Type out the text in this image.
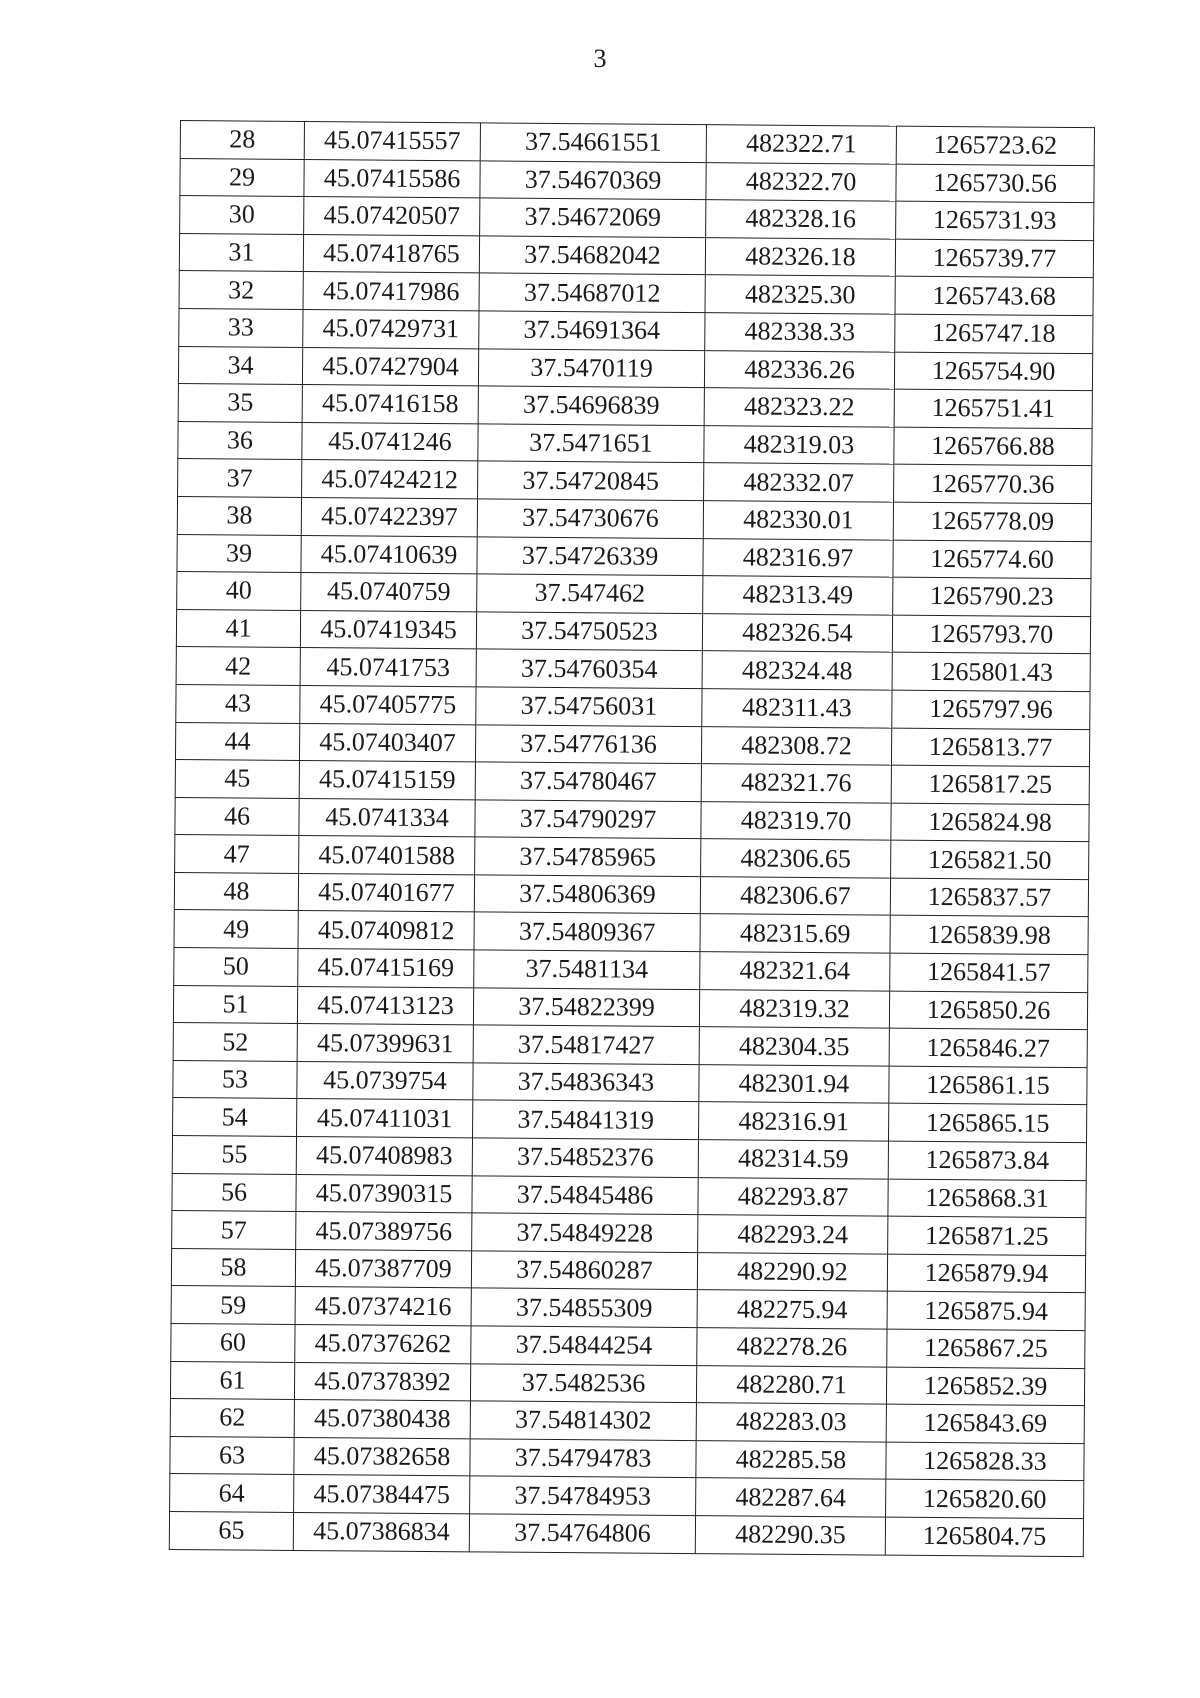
3
28	45.07415557	37.54661551	482322.71	1265723.62
29	45.07415586	37.54670369	482322.70	1265730.56
30	45.07420507	37.54672069	482328.16	1265731.93
31	45.07418765	37.54682042	482326.18	1265739.77
32	45.07417986	37.54687012	482325.30	1265743.68
33	45.07429731	37.54691364	482338.33	1265747.18
34	45.07427904	37.5470119	482336.26	1265754.90
35	45.07416158	37.54696839	482323.22	1265751.41
36	45.0741246	37.5471651	482319.03	1265766.88
37	45.07424212	37.54720845	482332.07	1265770.36
38	45.07422397	37.54730676	482330.01	1265778.09
39	45.07410639	37.54726339	482316.97	1265774.60
40	45.0740759	37.547462	482313.49	1265790.23
41	45.07419345	37.54750523	482326.54	1265793.70
42	45.0741753	37.54760354	482324.48	1265801.43
43	45.07405775	37.54756031	482311.43	1265797.96
44	45.07403407	37.54776136	482308.72	1265813.77
45	45.07415159	37.54780467	482321.76	1265817.25
46	45.0741334	37.54790297	482319.70	1265824.98
47	45.07401588	37.54785965	482306.65	1265821.50
48	45.07401677	37.54806369	482306.67	1265837.57
49	45.07409812	37.54809367	482315.69	1265839.98
50	45.07415169	37.5481134	482321.64	1265841.57
51	45.07413123	37.54822399	482319.32	1265850.26
52	45.07399631	37.54817427	482304.35	1265846.27
53	45.0739754	37.54836343	482301.94	1265861.15
54	45.07411031	37.54841319	482316.91	1265865.15
55	45.07408983	37.54852376	482314.59	1265873.84
56	45.07390315	37.54845486	482293.87	1265868.31
57	45.07389756	37.54849228	482293.24	1265871.25
58	45.07387709	37.54860287	482290.92	1265879.94
59	45.07374216	37.54855309	482275.94	1265875.94
60	45.07376262	37.54844254	482278.26	1265867.25
61	45.07378392	37.5482536	482280.71	1265852.39
62	45.07380438	37.54814302	482283.03	1265843.69
63	45.07382658	37.54794783	482285.58	1265828.33
64	45.07384475	37.54784953	482287.64	1265820.60
65	45.07386834	37.54764806	482290.35	1265804.75
